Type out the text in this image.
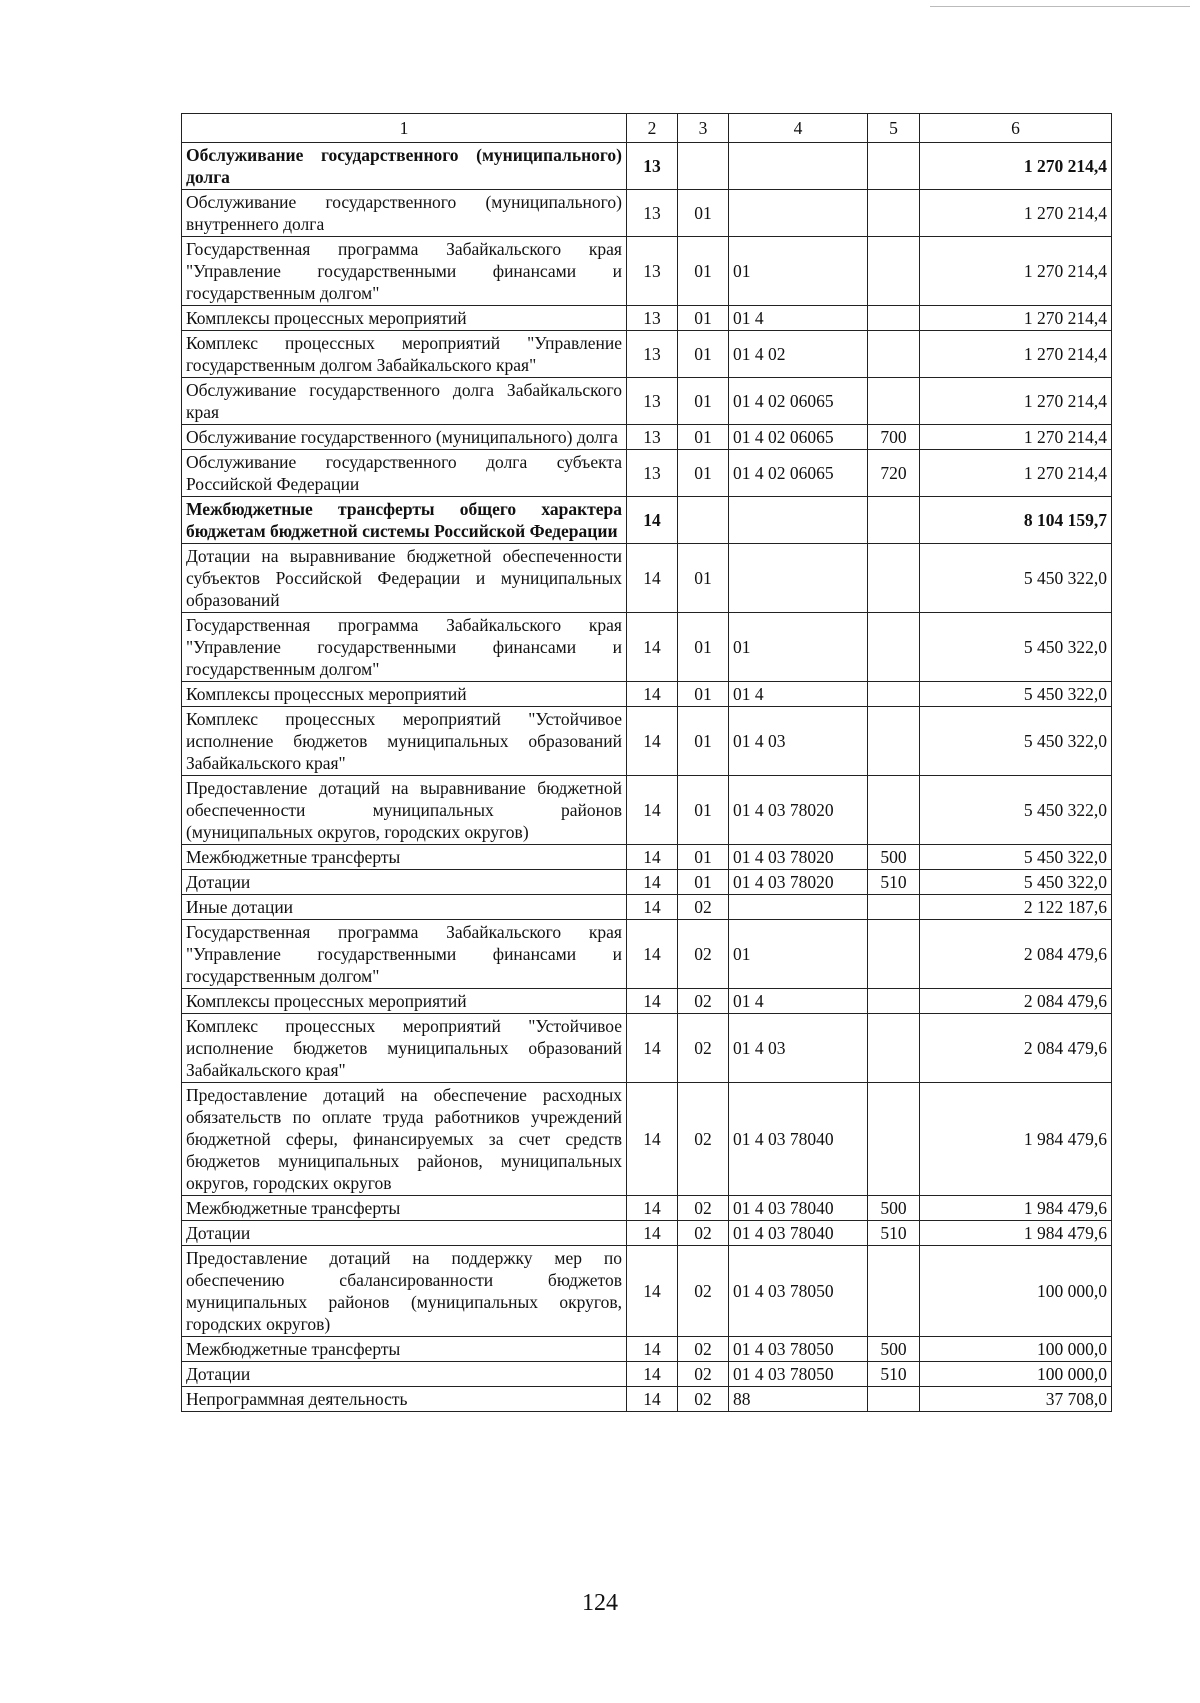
1	2	3	4	5	6
Обслуживание государственного (муниципального) долга	13				1 270 214,4
Обслуживание государственного (муниципального) внутреннего долга	13	01			1 270 214,4
Государственная программа Забайкальского края "Управление государственными финансами и государственным долгом"	13	01	01		1 270 214,4
Комплексы процессных мероприятий	13	01	01 4		1 270 214,4
Комплекс процессных мероприятий "Управление государственным долгом Забайкальского края"	13	01	01 4 02		1 270 214,4
Обслуживание государственного долга Забайкальского края	13	01	01 4 02 06065		1 270 214,4
Обслуживание государственного (муниципального) долга	13	01	01 4 02 06065	700	1 270 214,4
Обслуживание государственного долга субъекта Российской Федерации	13	01	01 4 02 06065	720	1 270 214,4
Межбюджетные трансферты общего характера бюджетам бюджетной системы Российской Федерации	14				8 104 159,7
Дотации на выравнивание бюджетной обеспеченности субъектов Российской Федерации и муниципальных образований	14	01			5 450 322,0
Государственная программа Забайкальского края "Управление государственными финансами и государственным долгом"	14	01	01		5 450 322,0
Комплексы процессных мероприятий	14	01	01 4		5 450 322,0
Комплекс процессных мероприятий "Устойчивое исполнение бюджетов муниципальных образований Забайкальского края"	14	01	01 4 03		5 450 322,0
Предоставление дотаций на выравнивание бюджетной обеспеченности муниципальных районов (муниципальных округов, городских округов)	14	01	01 4 03 78020		5 450 322,0
Межбюджетные трансферты	14	01	01 4 03 78020	500	5 450 322,0
Дотации	14	01	01 4 03 78020	510	5 450 322,0
Иные дотации	14	02			2 122 187,6
Государственная программа Забайкальского края "Управление государственными финансами и государственным долгом"	14	02	01		2 084 479,6
Комплексы процессных мероприятий	14	02	01 4		2 084 479,6
Комплекс процессных мероприятий "Устойчивое исполнение бюджетов муниципальных образований Забайкальского края"	14	02	01 4 03		2 084 479,6
Предоставление дотаций на обеспечение расходных обязательств по оплате труда работников учреждений бюджетной сферы, финансируемых за счет средств бюджетов муниципальных районов, муниципальных округов, городских округов	14	02	01 4 03 78040		1 984 479,6
Межбюджетные трансферты	14	02	01 4 03 78040	500	1 984 479,6
Дотации	14	02	01 4 03 78040	510	1 984 479,6
Предоставление дотаций на поддержку мер по обеспечению сбалансированности бюджетов муниципальных районов (муниципальных округов, городских округов)	14	02	01 4 03 78050		100 000,0
Межбюджетные трансферты	14	02	01 4 03 78050	500	100 000,0
Дотации	14	02	01 4 03 78050	510	100 000,0
Непрограммная деятельность	14	02	88		37 708,0
124
